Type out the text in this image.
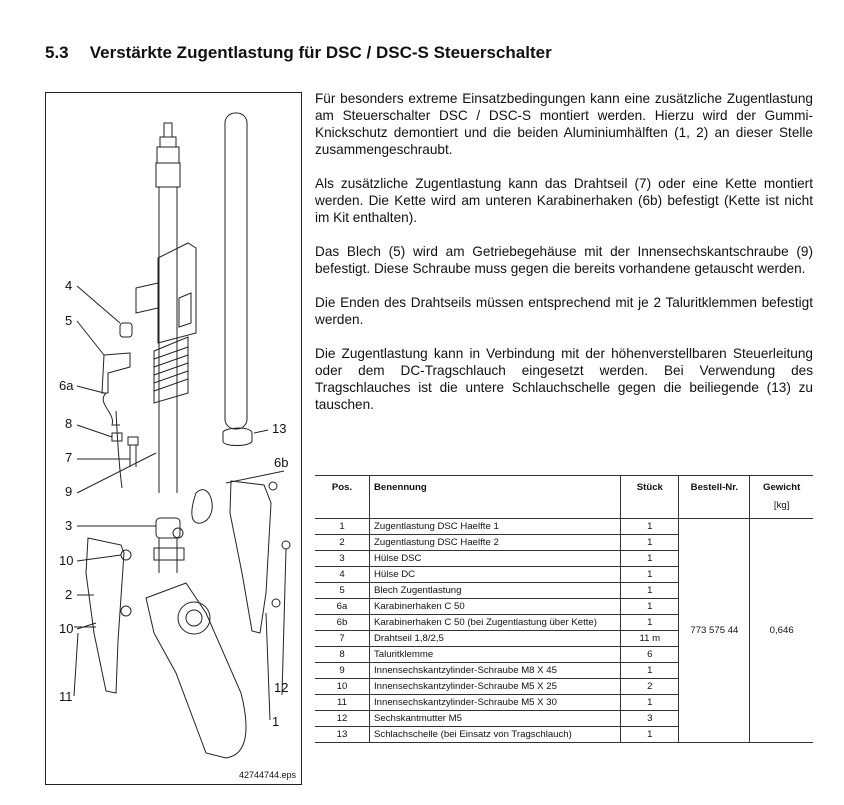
5.3 Verstärkte Zugentlastung für DSC / DSC-S Steuerschalter
4
5
6a
8
7
9
3
10
2
10
11
13
6b
12
1
42744744.eps

Für besonders extreme Einsatzbedingungen kann eine zusätzliche Zugentlastung am Steuerschalter DSC / DSC-S montiert werden. Hierzu wird der Gummi-Knickschutz demontiert und die beiden Aluminiumhälften (1, 2) an dieser Stelle zusammengeschraubt.

Als zusätzliche Zugentlastung kann das Drahtseil (7) oder eine Kette montiert werden. Die Kette wird am unteren Karabinerhaken (6b) befestigt (Kette ist nicht im Kit enthalten).

Das Blech (5) wird am Getriebegehäuse mit der Innensechskantschraube (9) befestigt. Diese Schraube muss gegen die bereits vorhandene getauscht werden.

Die Enden des Drahtseils müssen entsprechend mit je 2 Taluritklemmen befestigt werden.

Die Zugentlastung kann in Verbindung mit der höhenverstellbaren Steuerleitung oder dem DC-Tragschlauch eingesetzt werden. Bei Verwendung des Tragschlauches ist die untere Schlauchschelle gegen die beiliegende (13) zu tauschen.

Pos.	Benennung	Stück	Bestell-Nr.	Gewicht
				[kg]
1	Zugentlastung DSC Haelfte 1	1	773 575 44	0,646
2	Zugentlastung DSC Haelfte 2	1		
3	Hülse DSC	1		
4	Hülse DC	1		
5	Blech Zugentlastung	1		
6a	Karabinerhaken C 50	1		
6b	Karabinerhaken C 50 (bei Zugentlastung über Kette)	1		
7	Drahtseil 1,8/2,5	11 m		
8	Taluritklemme	6		
9	Innensechskantzylinder-Schraube M8 X 45	1		
10	Innensechskantzylinder-Schraube M5 X 25	2		
11	Innensechskantzylinder-Schraube M5 X 30	1		
12	Sechskantmutter M5	3		
13	Schlachschelle (bei Einsatz von Tragschlauch)	1		
